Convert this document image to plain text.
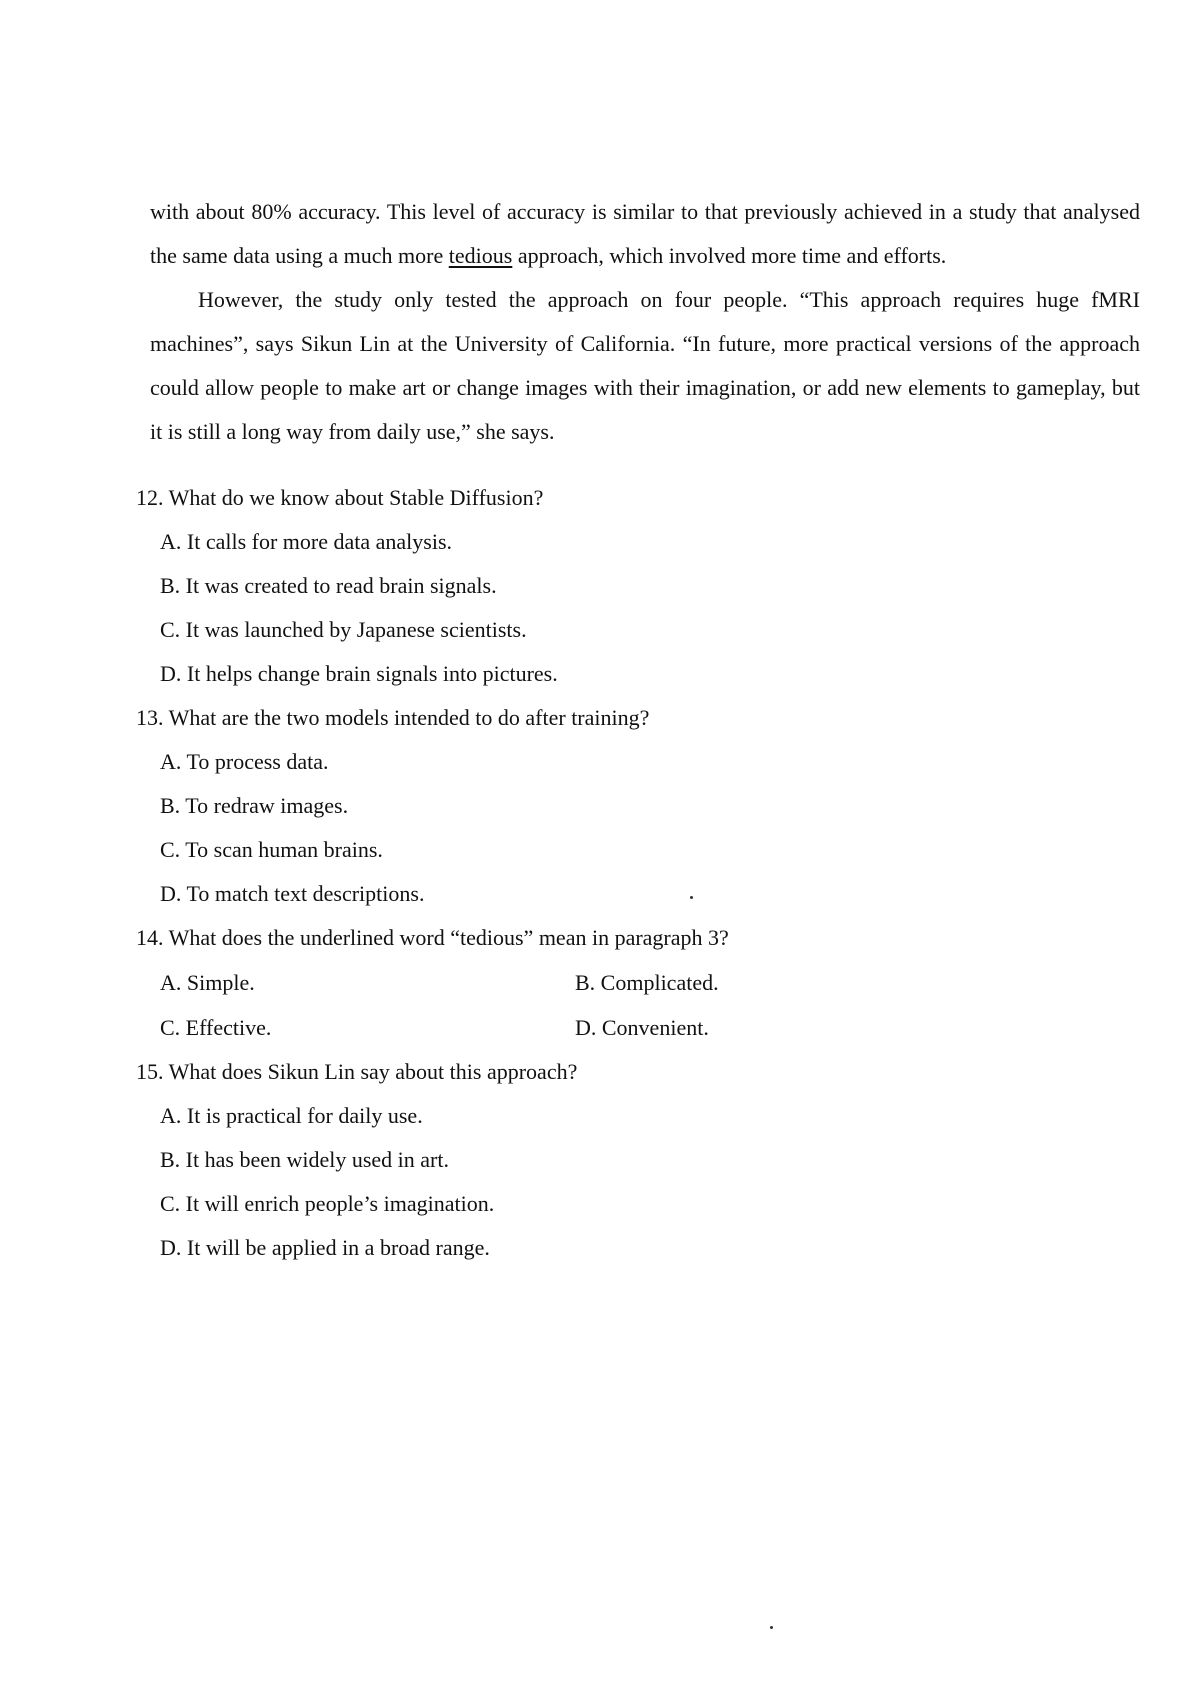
with about 80% accuracy. This level of accuracy is similar to that previously achieved in a study that analysed the same data using a much more tedious approach, which involved more time and efforts.

However, the study only tested the approach on four people. “This approach requires huge fMRI machines”, says Sikun Lin at the University of California. “In future, more practical versions of the approach could allow people to make art or change images with their imagination, or add new elements to gameplay, but it is still a long way from daily use,” she says.

12. What do we know about Stable Diffusion?
A. It calls for more data analysis.
B. It was created to read brain signals.
C. It was launched by Japanese scientists.
D. It helps change brain signals into pictures.
13. What are the two models intended to do after training?
A. To process data.
B. To redraw images.
C. To scan human brains.
D. To match text descriptions.
14. What does the underlined word “tedious” mean in paragraph 3?
A. Simple.	B. Complicated.
C. Effective.	D. Convenient.
15. What does Sikun Lin say about this approach?
A. It is practical for daily use.
B. It has been widely used in art.
C. It will enrich people’s imagination.
D. It will be applied in a broad range.
